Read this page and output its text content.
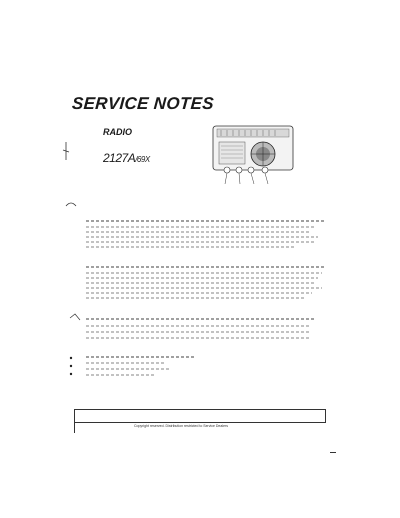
SERVICE NOTES
RADIO
2127A/69X
Copyright reserved. Distribution restricted to Service Dealers
